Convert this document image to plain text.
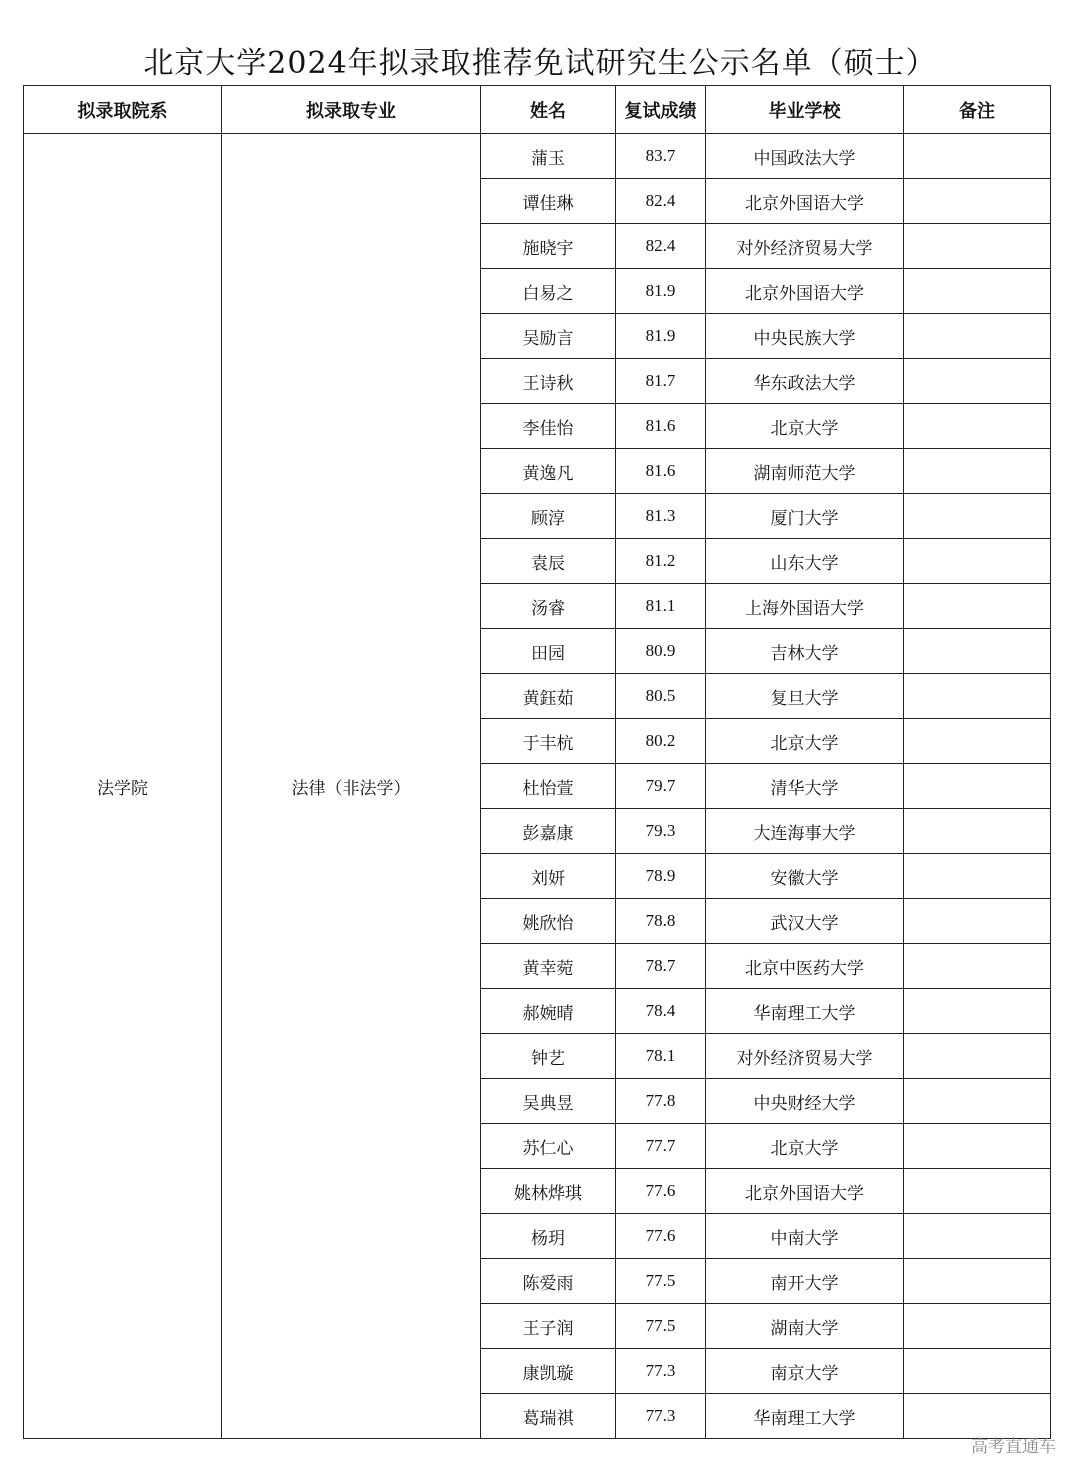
北京大学2024年拟录取推荐免试研究生公示名单（硕士）
拟录取院系	拟录取专业	姓名	复试成绩	毕业学校	备注
法学院	法律（非法学）	蒲玉	83.7	中国政法大学	
		谭佳琳	82.4	北京外国语大学	
		施晓宇	82.4	对外经济贸易大学	
		白易之	81.9	北京外国语大学	
		吴励言	81.9	中央民族大学	
		王诗秋	81.7	华东政法大学	
		李佳怡	81.6	北京大学	
		黄逸凡	81.6	湖南师范大学	
		顾淳	81.3	厦门大学	
		袁辰	81.2	山东大学	
		汤睿	81.1	上海外国语大学	
		田园	80.9	吉林大学	
		黄鈺茹	80.5	复旦大学	
		于丰杭	80.2	北京大学	
		杜怡萱	79.7	清华大学	
		彭嘉康	79.3	大连海事大学	
		刘妍	78.9	安徽大学	
		姚欣怡	78.8	武汉大学	
		黄幸菀	78.7	北京中医药大学	
		郝婉晴	78.4	华南理工大学	
		钟艺	78.1	对外经济贸易大学	
		吴典昱	77.8	中央财经大学	
		苏仁心	77.7	北京大学	
		姚林烨琪	77.6	北京外国语大学	
		杨玥	77.6	中南大学	
		陈爱雨	77.5	南开大学	
		王子润	77.5	湖南大学	
		康凯璇	77.3	南京大学	
		葛瑞祺	77.3	华南理工大学	
高考直通车
